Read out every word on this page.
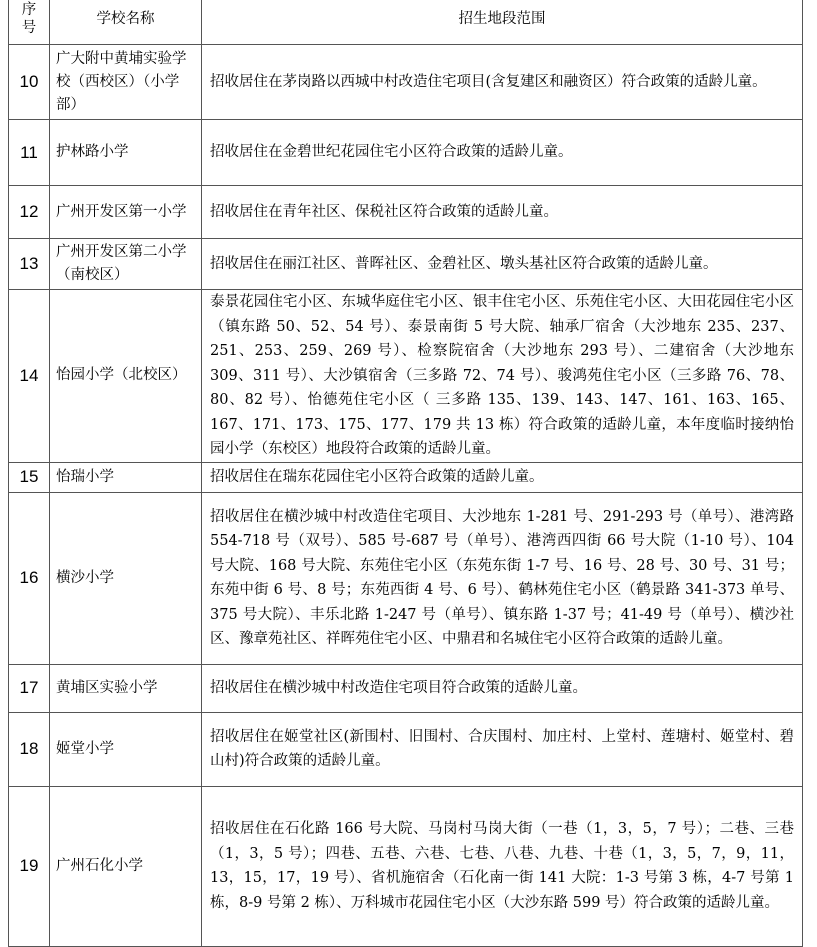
序号	学校名称	招生地段范围
10	广大附中黄埔实验学校（西校区）（小学部）	招收居住在茅岗路以西城中村改造住宅项目(含复建区和融资区）符合政策的适龄儿童。
11	护林路小学	招收居住在金碧世纪花园住宅小区符合政策的适龄儿童。
12	广州开发区第一小学	招收居住在青年社区、保税社区符合政策的适龄儿童。
13	广州开发区第二小学（南校区）	招收居住在丽江社区、普晖社区、金碧社区、墩头基社区符合政策的适龄儿童。
14	怡园小学（北校区）	泰景花园住宅小区、东城华庭住宅小区、银丰住宅小区、乐苑住宅小区、大田花园住宅小区（镇东路 50、52、54 号）、泰景南街 5 号大院、轴承厂宿舍（大沙地东 235、237、251、253、259、269 号）、检察院宿舍（大沙地东 293 号）、二建宿舍（大沙地东 309、311 号）、大沙镇宿舍（三多路 72、74 号）、骏鸿苑住宅小区（三多路 76、78、80、82 号）、怡德苑住宅小区（ 三多路 135、139、143、147、161、163、165、167、171、173、175、177、179 共 13 栋）符合政策的适龄儿童，本年度临时接纳怡园小学（东校区）地段符合政策的适龄儿童。
15	怡瑞小学	招收居住在瑞东花园住宅小区符合政策的适龄儿童。
16	横沙小学	招收居住在横沙城中村改造住宅项目、大沙地东 1-281 号、291-293 号（单号）、港湾路 554-718 号（双号）、585 号-687 号（单号）、港湾西四街 66 号大院（1-10 号）、104 号大院、168 号大院、东苑住宅小区（东苑东街 1-7 号、16 号、28 号、30 号、31 号；东苑中街 6 号、8 号；东苑西街 4 号、6 号）、鹤林苑住宅小区（鹤景路 341-373 单号、375 号大院）、丰乐北路 1-247 号（单号）、镇东路 1-37 号；41-49 号（单号）、横沙社区、豫章苑社区、祥晖苑住宅小区、中鼎君和名城住宅小区符合政策的适龄儿童。
17	黄埔区实验小学	招收居住在横沙城中村改造住宅项目符合政策的适龄儿童。
18	姬堂小学	招收居住在姬堂社区(新围村、旧围村、合庆围村、加庄村、上堂村、莲塘村、姬堂村、碧山村)符合政策的适龄儿童。
19	广州石化小学	招收居住在石化路 166 号大院、马岗村马岗大街（一巷（1，3，5，7 号）；二巷、三巷（1，3，5 号）；四巷、五巷、六巷、七巷、八巷、九巷、十巷（1，3，5，7，9，11，13，15，17，19 号）、省机施宿舍（石化南一街 141 大院：1-3 号第 3 栋，4-7 号第 1 栋，8-9 号第 2 栋）、万科城市花园住宅小区（大沙东路 599 号）符合政策的适龄儿童。
